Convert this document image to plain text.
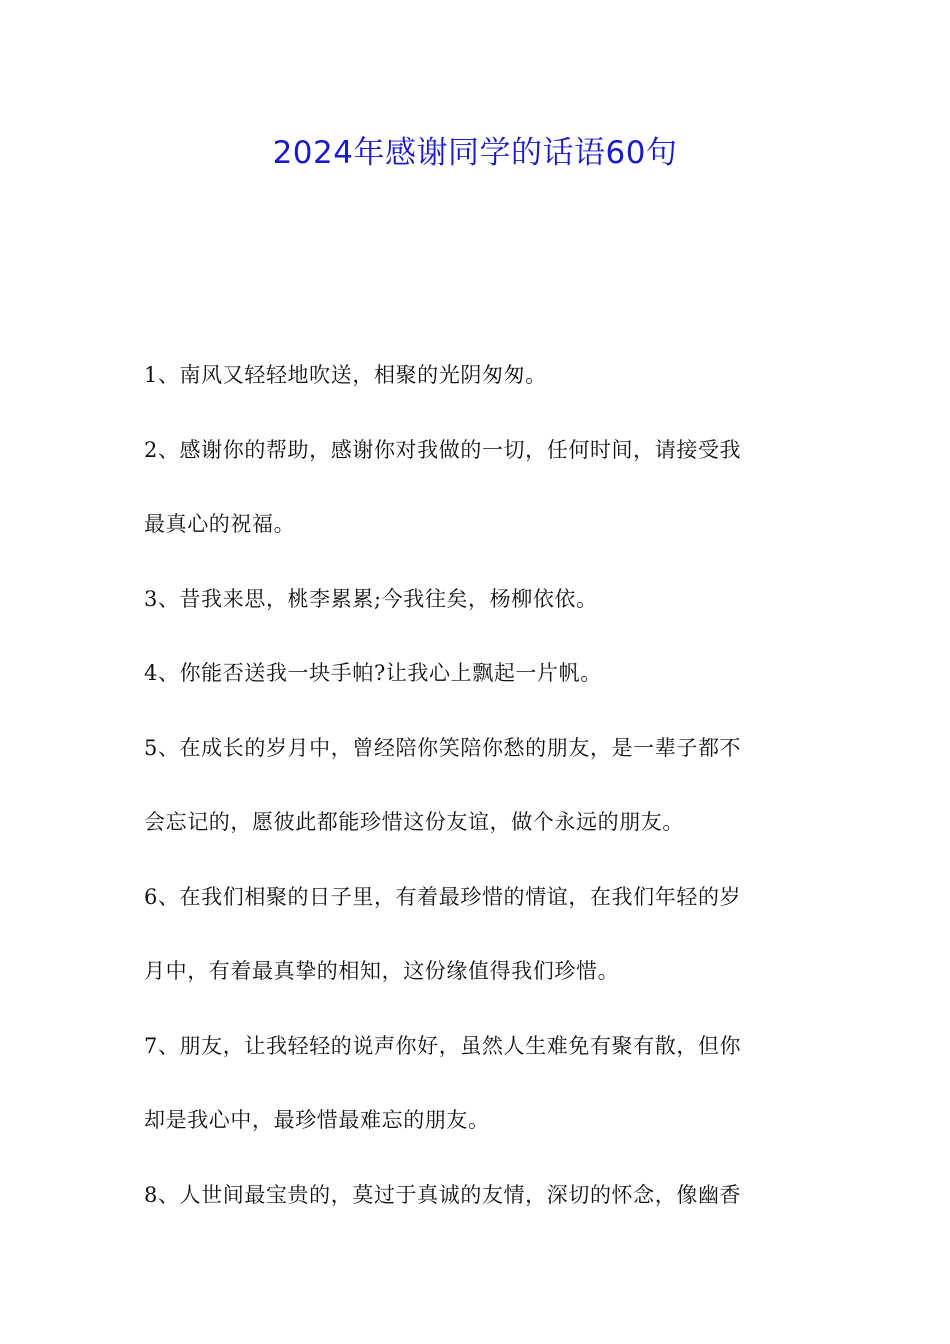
2024年感谢同学的话语60句
1、南风又轻轻地吹送，相聚的光阴匆匆。
2、感谢你的帮助，感谢你对我做的一切，任何时间，请接受我
最真心的祝福。
3、昔我来思，桃李累累;今我往矣，杨柳依依。
4、你能否送我一块手帕?让我心上飘起一片帆。
5、在成长的岁月中，曾经陪你笑陪你愁的朋友，是一辈子都不
会忘记的，愿彼此都能珍惜这份友谊，做个永远的朋友。
6、在我们相聚的日子里，有着最珍惜的情谊，在我们年轻的岁
月中，有着最真挚的相知，这份缘值得我们珍惜。
7、朋友，让我轻轻的说声你好，虽然人生难免有聚有散，但你
却是我心中，最珍惜最难忘的朋友。
8、人世间最宝贵的，莫过于真诚的友情，深切的怀念，像幽香
